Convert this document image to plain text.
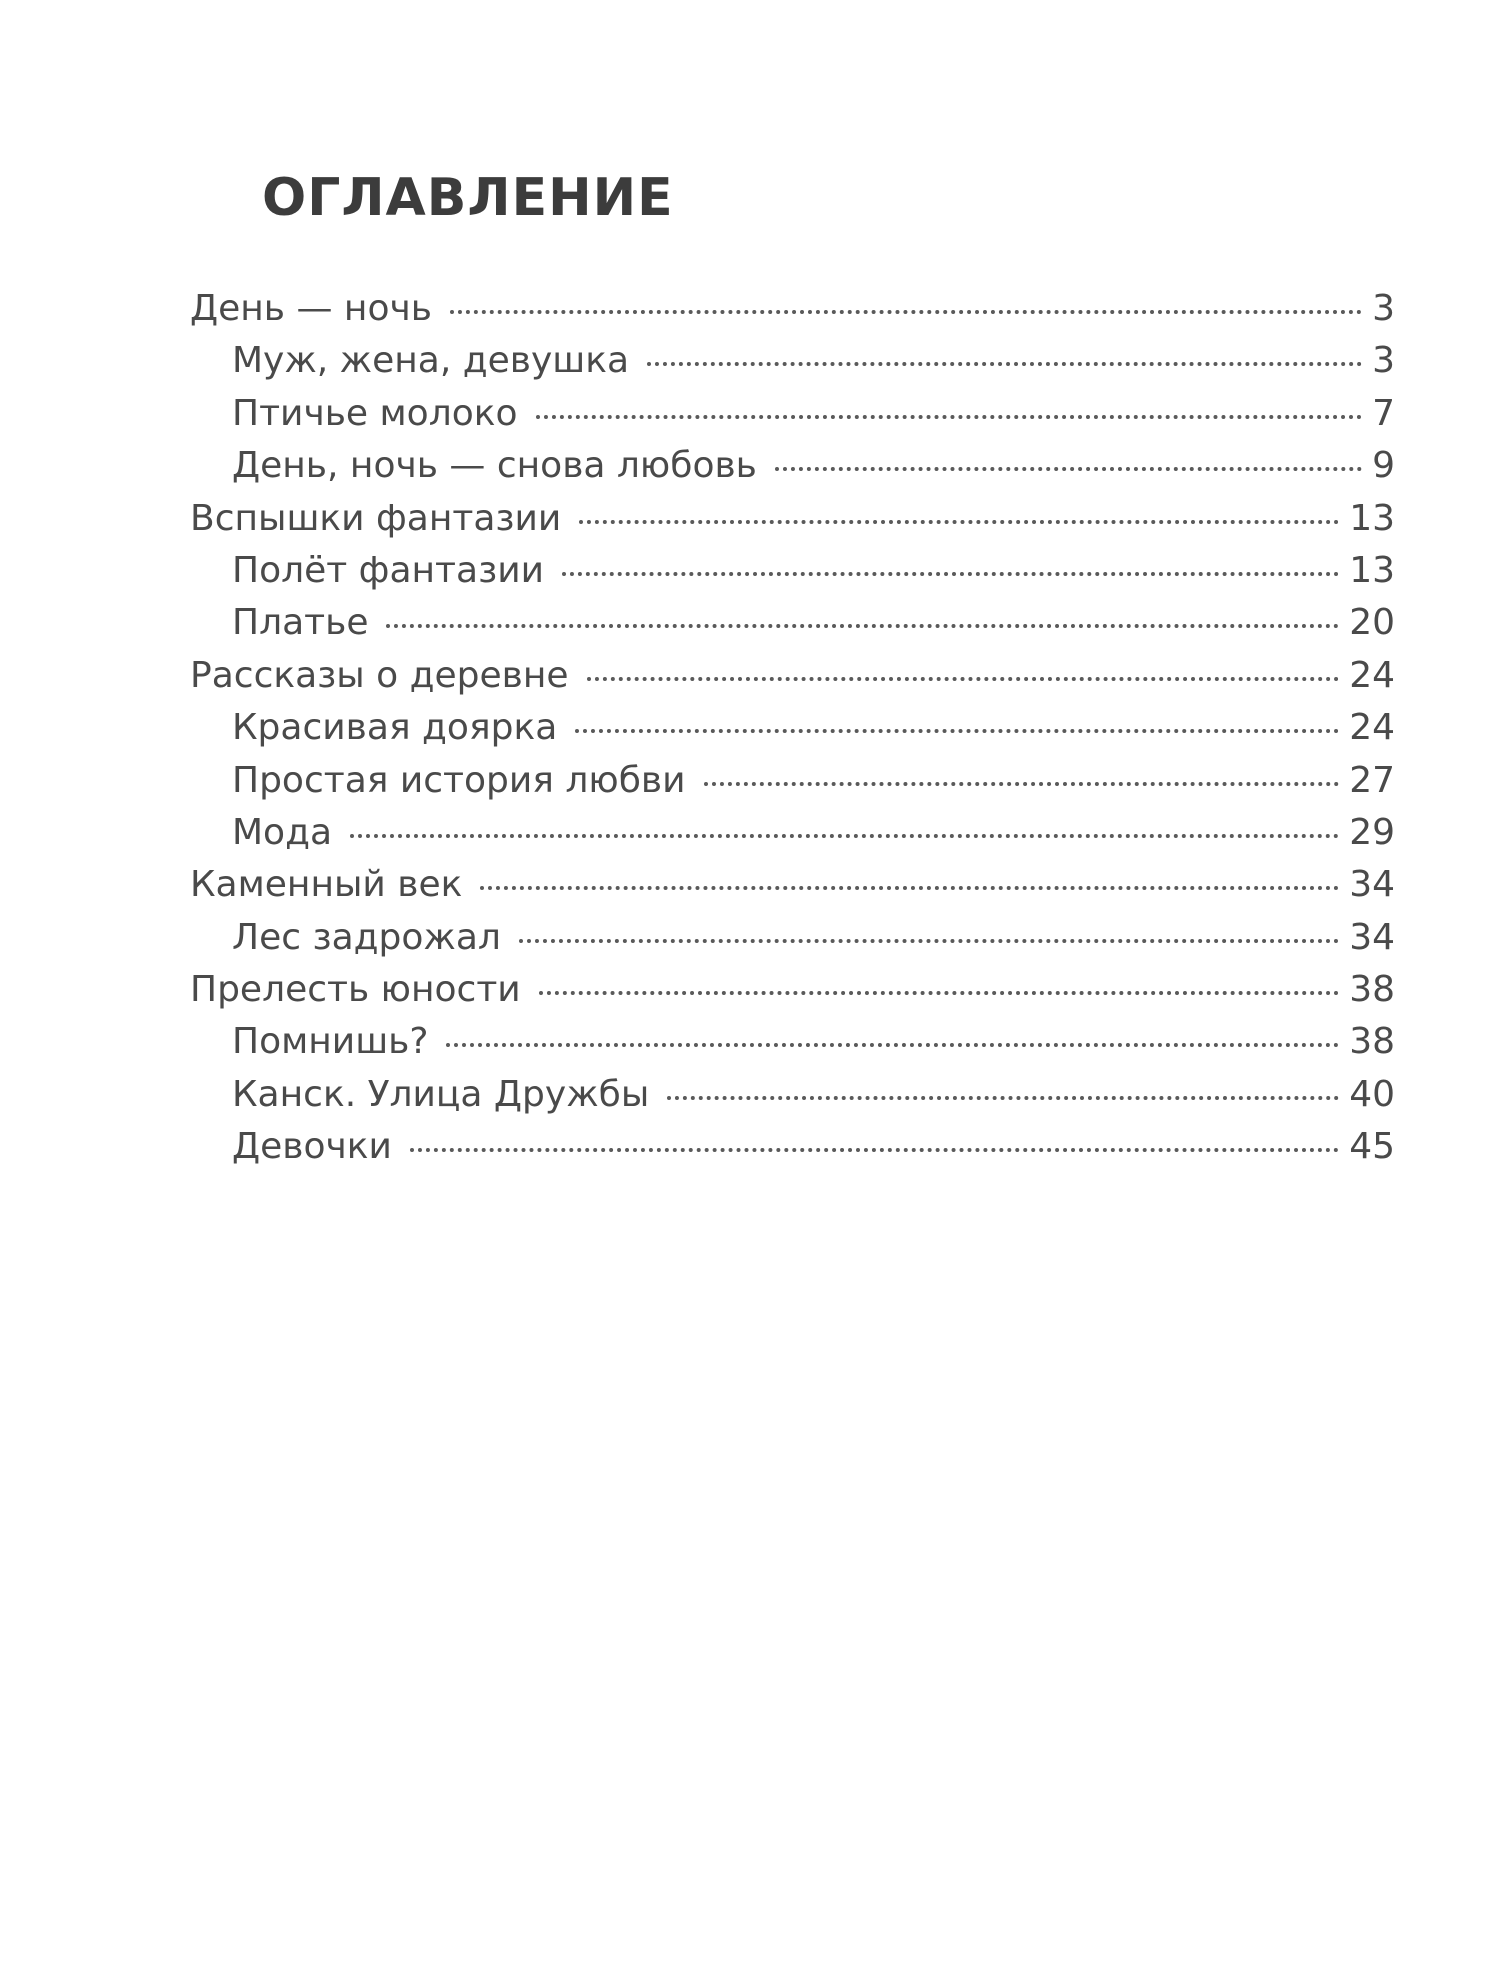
ОГЛАВЛЕНИЕ
День — ночь	3
Муж, жена, девушка	3
Птичье молоко	7
День, ночь — снова любовь	9
Вспышки фантазии	13
Полёт фантазии	13
Платье	20
Рассказы о деревне	24
Красивая доярка	24
Простая история любви	27
Мода	29
Каменный век	34
Лес задрожал	34
Прелесть юности	38
Помнишь?	38
Канск. Улица Дружбы	40
Девочки	45
